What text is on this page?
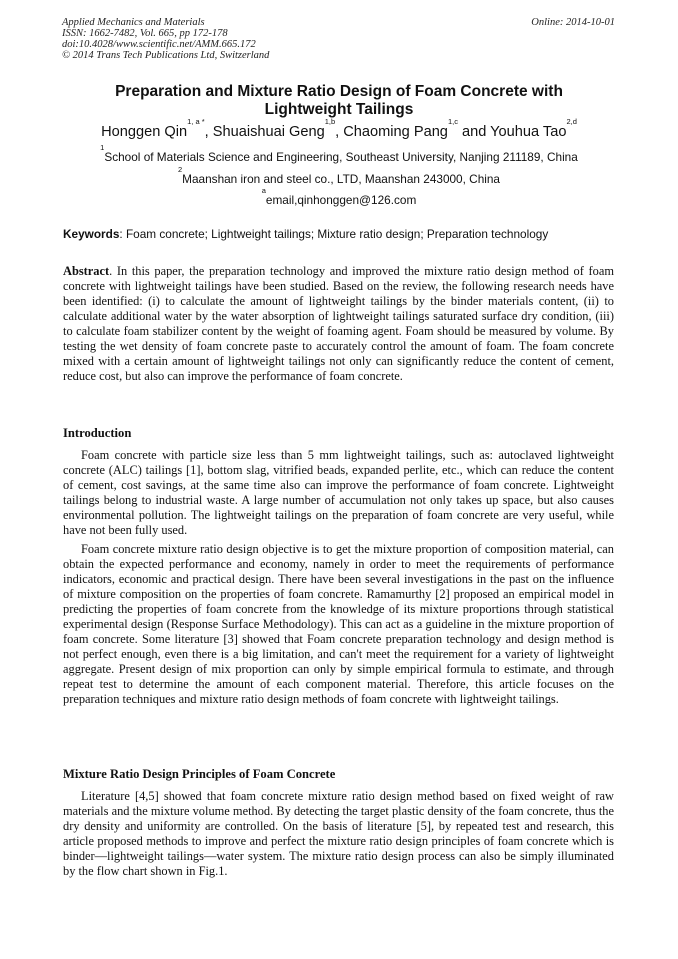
Applied Mechanics and Materials
ISSN: 1662-7482, Vol. 665, pp 172-178
doi:10.4028/www.scientific.net/AMM.665.172
© 2014 Trans Tech Publications Ltd, Switzerland
Online: 2014-10-01
Preparation and Mixture Ratio Design of Foam Concrete with
Lightweight Tailings
Honggen Qin$^{1, a *}$, Shuaishuai Geng$^{1,b}$, Chaoming Pang$^{1,c}$ and Youhua Tao$^{2,d}$
$^1$School of Materials Science and Engineering, Southeast University, Nanjing 211189, China
$^2$Maanshan iron and steel co., LTD, Maanshan 243000, China
$^a$email,qinhonggen@126.com
Keywords: Foam concrete; Lightweight tailings; Mixture ratio design; Preparation technology
Abstract. In this paper, the preparation technology and improved the mixture ratio design method of foam concrete with lightweight tailings have been studied. Based on the review, the following research needs have been identified: (i) to calculate the amount of lightweight tailings by the binder materials content, (ii) to calculate additional water by the water absorption of lightweight tailings saturated surface dry condition, (iii) to calculate foam stabilizer content by the weight of foaming agent. Foam should be measured by volume. By testing the wet density of foam concrete paste to accurately control the amount of foam. The foam concrete mixed with a certain amount of lightweight tailings not only can significantly reduce the content of cement, reduce cost, but also can improve the performance of foam concrete.
Introduction
Foam concrete with particle size less than 5 mm lightweight tailings, such as: autoclaved lightweight concrete (ALC) tailings [1], bottom slag, vitrified beads, expanded perlite, etc., which can reduce the content of cement, cost savings, at the same time also can improve the performance of foam concrete. Lightweight tailings belong to industrial waste. A large number of accumulation not only takes up space, but also causes environmental pollution. The lightweight tailings on the preparation of foam concrete are very useful, while have not been fully used.
Foam concrete mixture ratio design objective is to get the mixture proportion of composition material, can obtain the expected performance and economy, namely in order to meet the requirements of performance indicators, economic and practical design. There have been several investigations in the past on the influence of mixture composition on the properties of foam concrete. Ramamurthy [2] proposed an empirical model in predicting the properties of foam concrete from the knowledge of its mixture proportions through statistical experimental design (Response Surface Methodology). This can act as a guideline in the mixture proportion of foam concrete. Some literature [3] showed that Foam concrete preparation technology and design method is not perfect enough, even there is a big limitation, and can't meet the requirement for a variety of lightweight aggregate. Present design of mix proportion can only by simple empirical formula to estimate, and through repeat test to determine the amount of each component material. Therefore, this article focuses on the preparation techniques and mixture ratio design methods of foam concrete with lightweight tailings.
Mixture Ratio Design Principles of Foam Concrete
Literature [4,5] showed that foam concrete mixture ratio design method based on fixed weight of raw materials and the mixture volume method. By detecting the target plastic density of the foam concrete, thus the dry density and uniformity are controlled. On the basis of literature [5], by repeated test and research, this article proposed methods to improve and perfect the mixture ratio design principles of foam concrete which is binder—lightweight tailings—water system. The mixture ratio design process can also be simply illuminated by the flow chart shown in Fig.1.
